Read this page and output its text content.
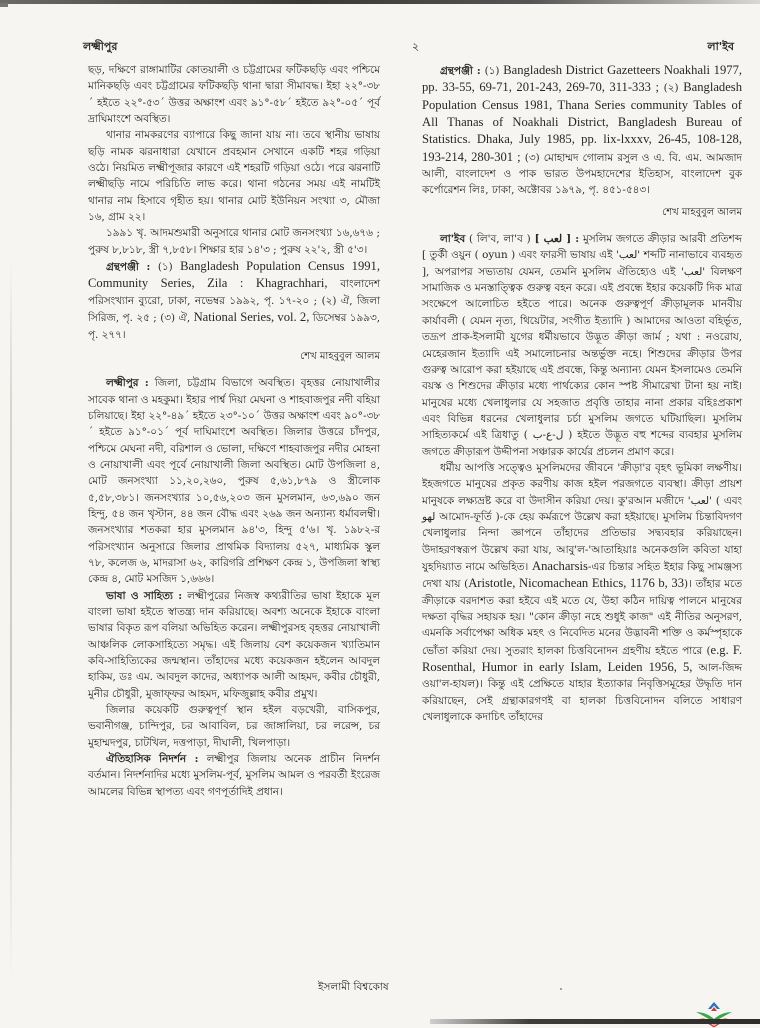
লক্ষ্মীপুর	২	লা'ইব

ছড়, দক্ষিণে রাঙ্গামাটির কোতয়ালী ও চট্টগ্রামের ফটিকছড়ি এবং পশ্চিমে মানিকছড়ি এবং চট্টগ্রামের ফটিকছড়ি থানা দ্বারা সীমাবদ্ধ। ইহা ২২°-৩৮´ হইতে ২২°-৫৩´ উত্তর অক্ষাংশ এবং ৯১°-৫৮´ হইতে ৯২°-০৫´ পূর্ব দ্রাঘিমাংশে অবস্থিত।

থানার নামকরণের ব্যাপারে কিছু জানা যায় না। তবে স্থানীয় ভাষায় ছড়ি নামক ঝরনাধারা যেখানে প্রবহমান সেখানে একটি শহর গড়িয়া ওঠে। নিয়মিত লক্ষ্মীপূজার কারণে এই শহরটি গড়িয়া ওঠে। পরে ঝরনাটি লক্ষ্মীছড়ি নামে পরিচিতি লাভ করে। থানা গঠনের সময় এই নামটিই থানার নাম হিসাবে গৃহীত হয়। থানার মোট ইউনিয়ন সংখ্যা ৩, মৌজা ১৬, গ্রাম ২২।

১৯৯১ খৃ. আদমশুমারী অনুসারে থানার মোট জনসংখ্যা ১৬,৬৭৬ ; পুরুষ ৮,৮১৮, স্ত্রী ৭,৮৫৮। শিক্ষার হার ১৪'৩ ; পুরুষ ২২'২, স্ত্রী ৫'৩।

গ্রন্থপঞ্জী : (১) Bangladesh Population Census 1991, Community Series, Zila : Khagrachhari, বাংলাদেশ পরিসংখ্যান ব্যুরো, ঢাকা, নভেম্বর ১৯৯২, পৃ. ১৭-২০ ; (২) ঐ, জিলা সিরিজ, পৃ. ২৫ ; (৩) ঐ, National Series, vol. 2, ডিসেম্বর ১৯৯৩, পৃ. ২৭৭।

শেখ মাহবুবুল আলম

লক্ষ্মীপুর : জিলা, চট্টগ্রাম বিভাগে অবস্থিত। বৃহত্তর নোয়াখালীর সাবেক থানা ও মহকুমা। ইহার পার্শ্ব দিয়া মেঘনা ও শাহবাজপুর নদী বহিয়া চলিয়াছে। ইহা ২২°-৪৯´ হইতে ২৩°-১০´ উত্তর অক্ষাংশ এবং ৯০°-৩৮´ হইতে ৯১°-০১´ পূর্ব দাঘিমাংশে অবস্থিত। জিলার উত্তরে চাঁদপুর, পশ্চিমে মেঘনা নদী, বরিশাল ও ভোলা, দক্ষিণে শাহবাজপুর নদীর মোহনা ও নোয়াখালী এবং পূর্বে নোয়াখালী জিলা অবস্থিত। মোট উপজিলা ৪, মোট জনসংখ্যা ১১,২০,২৬০, পুরুষ ৫,৬১,৮৭৯ ও স্ত্রীলোক ৫,৫৮,৩৮১। জনসংখ্যার ১০,৫৬,২০৩ জন মুসলমান, ৬৩,৬৯০ জন হিন্দু, ৫৪ জন খৃস্টান, ৪৪ জন বৌদ্ধ এবং ২৬৯ জন অন্যান্য ধর্মাবলম্বী। জনসংখ্যার শতকরা হার মুসলমান ৯৪'৩, হিন্দু ৫'৬। খৃ. ১৯৮২-র পরিসংখ্যান অনুসারে জিলার প্রাথমিক বিদ্যালয় ৫২৭, মাধ্যমিক স্কুল ৭৮, কলেজ ৬, মাদরাসা ৬২, কারিগরি প্রশিক্ষণ কেন্দ্র ১, উপজিলা স্বাস্থ্য কেন্দ্র ৪, মোট মসজিদ ১,৬৬৬।

ভাষা ও সাহিত্য : লক্ষ্মীপুরের নিজস্ব কথ্যরীতির ভাষা ইহাকে মূল বাংলা ভাষা হইতে স্বাতন্ত্র্য দান করিয়াছে। অবশ্য অনেকে ইহাকে বাংলা ভাষার বিকৃত রূপ বলিয়া অভিহিত করেন। লক্ষ্মীপুরসহ বৃহত্তর নোয়াখালী আঞ্চলিক লোকসাহিত্যে সমৃদ্ধ। এই জিলায় বেশ কয়েকজন খ্যাতিমান কবি-সাহিত্যিকের জন্মস্থান। তাঁহাদের মধ্যে কয়েকজন হইলেন আবদুল হাকিম, ডঃ এম. আবদুল কাদের, অধ্যাপক আলী আহমদ, কবীর চৌধুরী, মুনীর চৌধুরী, মুজাফ্ফর আহমদ, মফিজুল্লাহ কবীর প্রমুখ।

জিলার কয়েকটি গুরুত্বপূর্ণ স্থান হইল বড়খেরী, বাসিকপুর, ভবানীগঞ্জ, চান্দিপুর, চর আবাবিল, চর জাঙ্গালিয়া, চর লরেন্স, চর মুহাম্মদপুর, চাটখিল, দত্তপাড়া, দীঘালী, খিলপাড়া।

ঐতিহাসিক নিদর্শন : লক্ষ্মীপুর জিলায় অনেক প্রাচীন নিদর্শন বর্তমান। নিদর্শনাদির মধ্যে মুসলিম-পূর্ব, মুসলিম আমল ও পরবর্তী ইংরেজ আমলের বিভিন্ন স্থাপত্য এবং গণপূর্তাদিই প্রধান।

গ্রন্থপঞ্জী : (১) Bangladesh District Gazetteers Noakhali 1977, pp. 33-55, 69-71, 201-243, 269-70, 311-333 ; (২) Bangladesh Population Census 1981, Thana Series community Tables of All Thanas of Noakhali District, Bangladesh Bureau of Statistics. Dhaka, July 1985, pp. lix-lxxxv, 26-45, 108-128, 193-214, 280-301 ; (৩) মোহাম্মদ গোলাম রসুল ও এ. বি. এম. আমজাদ আলী, বাংলাদেশ ও পাক ভারত উপমহাদেশের ইতিহাস, বাংলাদেশ বুক কর্পোরেশন লিঃ, ঢাকা, অক্টোবর ১৯৭৯, পৃ. ৪৫১-৫৪৩।

শেখ মাহবুবুল আলম

লা'ইব ( লি'ব, লা'ব ) [ لعب ] : মুসলিম জগতে ক্রীড়ার আরবী প্রতিশব্দ [ তুর্কী ওয়ুন ( oyun ) এবং ফারসী ভাষায় এই 'لعب' শব্দটি নানাভাবে ব্যবহৃত ], অপরাপর সভ্যতায় যেমন, তেমনি মুসলিম ঐতিহ্যেও এই 'لعب' বিলক্ষণ সামাজিক ও মনস্তাত্ত্বিক গুরুত্ব বহন করে। এই প্রবন্ধে ইহার কয়েকটি দিক মাত্র সংক্ষেপে আলোচিত হইতে পারে। অনেক গুরুত্বপূর্ণ ক্রীড়ামূলক মানবীয় কার্যাবলী ( যেমন নৃত্য, থিয়েটার, সংগীত ইত্যাদি ) আমাদের আওতা বহির্ভূত, তদ্রূপ প্রাক-ইসলামী যুগের ধর্মীয়ভাবে উদ্ভূত ক্রীড়া জার্ম ; যথা : নওরোয, মেহেরজান ইত্যাদি এই সমালোচনার অন্তর্ভুক্ত নহে। শিশুদের ক্রীড়ার উপর গুরুত্ব আরোপ করা হইয়াছে এই প্রবন্ধে, কিন্তু অন্যান্য যেমন ইসলামেও তেমনি বয়স্ক ও শিশুদের ক্রীড়ার মধ্যে পার্থক্যের কোন স্পষ্ট সীমারেখা টানা হয় নাই। মানুষের মধ্যে খেলাধুলার যে সহজাত প্রবৃত্তি তাহার নানা প্রকার বহিঃপ্রকাশ এবং বিভিন্ন ধরনের খেলাধুলার চর্চা মুসলিম জগতে ঘটিয়াছিল। মুসলিম সাহিত্যকর্মে এই ত্রিধাতু ( ل-ع-ب ) হইতে উদ্ভূত বহু শব্দের ব্যবহার মুসলিম জগতে ক্রীড়ারূপ উদ্দীপনা সঞ্চারক কার্যের প্রচলন প্রমাণ করে।

ধর্মীয় আপত্তি সত্ত্বেও মুসলিমদের জীবনে 'ক্রীড়া'র বৃহৎ ভূমিকা লক্ষণীয়। ইহজগতে মানুষের প্রকৃত করণীয় কাজ হইল পরজগতে ব্যবস্থা। ক্রীড়া প্রায়শ মানুষকে লক্ষ্যভ্রষ্ট করে বা উদাসীন করিয়া দেয়। কু'রআন মজীদে 'لعب' ( এবং لهو আমোদ-ফূর্তি )-কে হেয় কর্মরূপে উল্লেখ করা হইয়াছে। মুসলিম চিন্তাবিদগণ খেলাধুলার নিন্দা জ্ঞাপনে তাঁহাদের প্রতিভার সদ্ব্যবহার করিয়াছেন। উদাহরণস্বরূপ উল্লেখ করা যায়, আবু'ল-'আতাহিয়াঃ অনেকগুলি কবিতা যাহা যুহদিয়্যাত নামে অভিহিত। Anacharsis-এর চিন্তার সহিত ইহার কিছু সামঞ্জস্য দেখা যায় (Aristotle, Nicomachean Ethics, 1176 b, 33)। তাঁহার মতে ক্রীড়াকে বরদাশত করা হইবে এই মতে যে, উহা কঠিন দায়িত্ব পালনে মানুষের দক্ষতা বৃদ্ধির সহায়ক হয়। "কোন ক্রীড়া নহে শুধুই কাজ" এই নীতির অনুসরণ, এমনকি সর্বাপেক্ষা অধিক মহৎ ও নিবেদিত মনের উদ্ভাবনী শক্তি ও কর্মস্পৃহাকে ভোঁতা করিয়া দেয়। সুতরাং হালকা চিত্তবিনোদন গ্রহণীয় হইতে পারে (e.g. F. Rosenthal, Humor in early Islam, Leiden 1956, 5, আল-জিদ্দ ওয়া'ল-হাযল)। কিন্তু এই প্রেক্ষিতে যাহার ইত্যাকার নিবৃত্তিসমূহের উদ্ধৃতি দান করিয়াছেন, সেই গ্রন্থাকারগণই বা হালকা চিত্তবিনোদন বলিতে সাধারণ খেলাধুলাকে কদাচিৎ তাঁহাদের

ইসলামী বিশ্বকোষ
